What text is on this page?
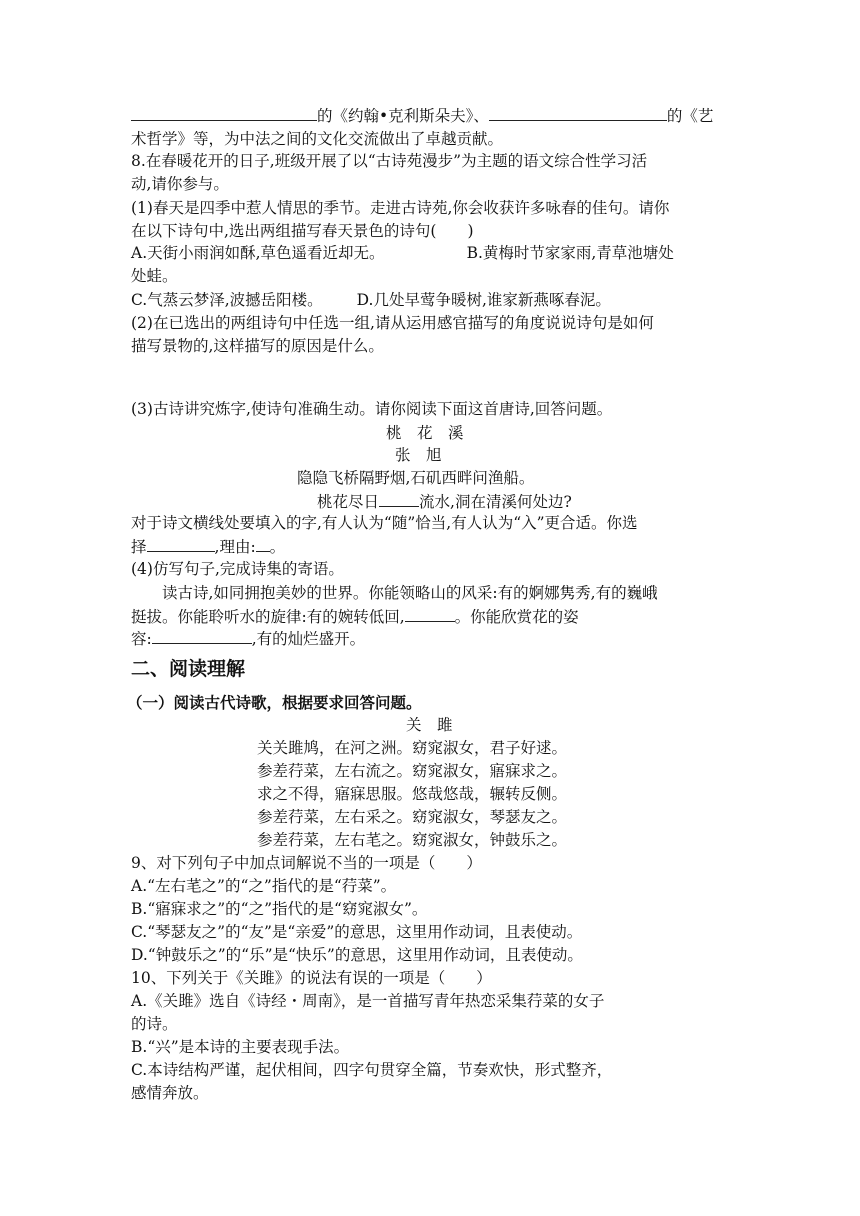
的《约翰•克利斯朵夫》、	的《艺
术哲学》等，为中法之间的文化交流做出了卓越贡献。
8.在春暖花开的日子,班级开展了以“古诗苑漫步”为主题的语文综合性学习活
动,请你参与。
(1)春天是四季中惹人情思的季节。走进古诗苑,你会收获许多咏春的佳句。请你
在以下诗句中,选出两组描写春天景色的诗句(　　)
A.天街小雨润如酥,草色遥看近却无。	B.黄梅时节家家雨,青草池塘处
处蛙。
C.气蒸云梦泽,波撼岳阳楼。 D.几处早莺争暖树,谁家新燕啄春泥。
(2)在已选出的两组诗句中任选一组,请从运用感官描写的角度说说诗句是如何
描写景物的,这样描写的原因是什么。
(3)古诗讲究炼字,使诗句准确生动。请你阅读下面这首唐诗,回答问题。
桃　花　溪
张　旭
隐隐飞桥隔野烟,石矶西畔问渔船。
桃花尽日	流水,洞在清溪何处边?
对于诗文横线处要填入的字,有人认为“随”恰当,有人认为“入”更合适。你选
择	,理由: 。
(4)仿写句子,完成诗集的寄语。
读古诗,如同拥抱美妙的世界。你能领略山的风采:有的婀娜隽秀,有的巍峨
挺拔。你能聆听水的旋律:有的婉转低回,	。你能欣赏花的姿
容:	,有的灿烂盛开。
二、阅读理解
（一）阅读古代诗歌，根据要求回答问题。
关　雎
关关雎鸠，在河之洲。窈窕淑女，君子好逑。
参差荇菜，左右流之。窈窕淑女，寤寐求之。
求之不得，寤寐思服。悠哉悠哉，辗转反侧。
参差荇菜，左右采之。窈窕淑女，琴瑟友之。
参差荇菜，左右芼之。窈窕淑女，钟鼓乐之。
9、对下列句子中加点词解说不当的一项是（　　）
A.“左右芼之”的“之”指代的是“荇菜”。
B.“寤寐求之”的“之”指代的是“窈窕淑女”。
C.“琴瑟友之”的“友”是“亲爱”的意思，这里用作动词，且表使动。
D.“钟鼓乐之”的“乐”是“快乐”的意思，这里用作动词，且表使动。
10、下列关于《关雎》的说法有误的一项是（　　）
A.《关雎》选自《诗经・周南》，是一首描写青年热恋采集荇菜的女子
的诗。
B.“兴”是本诗的主要表现手法。
C.本诗结构严谨，起伏相间，四字句贯穿全篇，节奏欢快，形式整齐，
感情奔放。
